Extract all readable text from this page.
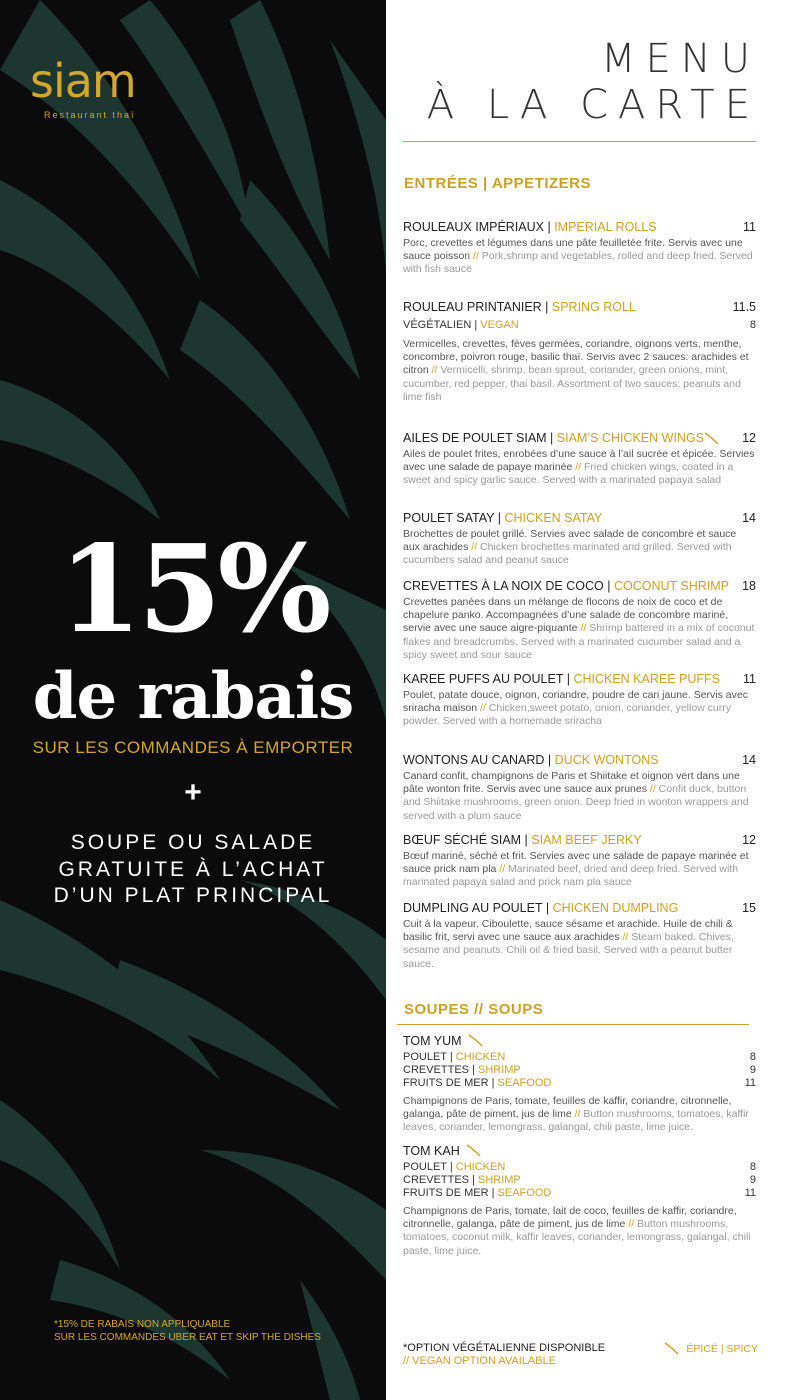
siam
Restaurant thaï
15%
de rabais
SUR LES COMMANDES À EMPORTER
+
SOUPE OU SALADE
GRATUITE À L’ACHAT
D’UN PLAT PRINCIPAL
*15% DE RABAIS NON APPLIQUABLE
SUR LES COMMANDES UBER EAT ET SKIP THE DISHES
MENU
À LA CARTE
ENTRÉES | APPETIZERS
ROULEAUX IMPÉRIAUX | IMPERIAL ROLLS	11
Porc, crevettes et légumes dans une pâte feuilletée frite. Servis avec une sauce poisson // Pork,shrimp and vegetables, rolled and deep fried. Served with fish sauce
ROULEAU PRINTANIER | SPRING ROLL	11.5
VÉGÉTALIEN | VEGAN	8
Vermicelles, crevettes, fèves germées, coriandre, oignons verts, menthe, concombre, poivron rouge, basilic thaï. Servis avec 2 sauces: arachides et citron // Vermicelli, shrimp, bean sprout, coriander, green onions, mint, cucumber, red pepper, thai basil. Assortment of two sauces: peanuts and lime fish
AILES DE POULET SIAM | SIAM’S CHICKEN WINGS	12
Ailes de poulet frites, enrobées d’une sauce à l’ail sucrée et épicée. Servies avec une salade de papaye marinée // Fried chicken wings, coated in a sweet and spicy garlic sauce. Served with a marinated papaya salad
POULET SATAY | CHICKEN SATAY	14
Brochettes de poulet grillé. Servies avec salade de concombre et sauce aux arachides // Chicken brochettes marinated and grilled. Served with cucumbers salad and peanut sauce
CREVETTES À LA NOIX DE COCO | COCONUT SHRIMP 18
Crevettes panées dans un mélange de flocons de noix de coco et de chapelure panko. Accompagnées d’une salade de concombre mariné, servie avec une sauce aigre-piquante // Shrimp battered in a mix of coconut flakes and breadcrumbs. Served with a marinated cucumber salad and a spicy sweet and sour sauce
KAREE PUFFS AU POULET | CHICKEN KAREE PUFFS 11
Poulet, patate douce, oignon, coriandre, poudre de cari jaune. Servis avec sriracha maison // Chicken,sweet potato, onion, coriander, yellow curry powder. Served with a homemade sriracha
WONTONS AU CANARD | DUCK WONTONS	14
Canard confit, champignons de Paris et Shiitake et oignon vert dans une pâte wonton frite. Servis avec une sauce aux prunes // Confit duck, button and Shiitake mushrooms, green onion. Deep fried in wonton wrappers and served with a plum sauce
BŒUF SÉCHÉ SIAM | SIAM BEEF JERKY	12
Bœuf mariné, séché et frit. Servies avec une salade de papaye marinée et sauce prick nam pla // Marinated beef, dried and deep fried. Served with marinated papaya salad and prick nam pla sauce
DUMPLING AU POULET | CHICKEN DUMPLING	15
Cuit à la vapeur. Ciboulette, sauce sésame et arachide. Huile de chili & basilic frit, servi avec une sauce aux arachides // Steam baked. Chives, sesame and peanuts. Chili oil & fried basil. Served with a peanut butter sauce.
SOUPES // SOUPS
TOM YUM
POULET | CHICKEN	8
CREVETTES | SHRIMP	9
FRUITS DE MER | SEAFOOD	11
Champignons de Paris, tomate, feuilles de kaffir, coriandre, citronnelle, galanga, pâte de piment, jus de lime // Button mushrooms, tomatoes, kaffir leaves, coriander, lemongrass, galangal, chili paste, lime juice.
TOM KAH
POULET | CHICKEN	8
CREVETTES | SHRIMP	9
FRUITS DE MER | SEAFOOD	11
Champignons de Paris, tomate, lait de coco, feuilles de kaffir, coriandre, citronnelle, galanga, pâte de piment, jus de lime // Button mushrooms, tomatoes, coconut milk, kaffir leaves, coriander, lemongrass, galangal, chili paste, lime juice.
*OPTION VÉGÉTALIENNE DISPONIBLE
// VEGAN OPTION AVAILABLE
ÉPICÉ | SPICY
